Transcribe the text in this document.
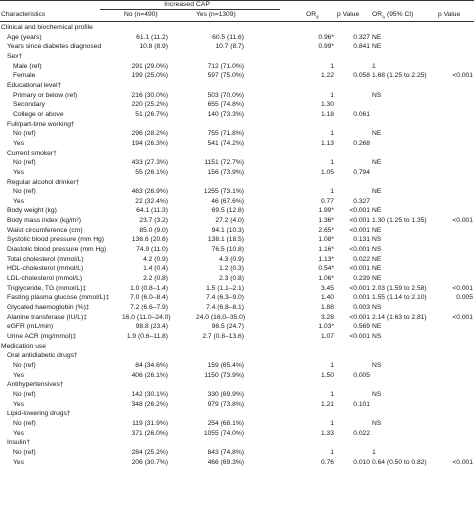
Increased CAP
Characteristics	No (n=490)	Yes (n=1309)	$OR_d$	p Value	$OR_A$ (95% CI)	p Value
Clinical and biochemical profile
Age (years)	61.1 (11.2)	60.5 (11.6)	0.96*	0.327 NE
Years since diabetes diagnosed	10.8 (8.9)	10.7 (8.7)	0.99*	0.841 NE
Sex†
Male (ref)	291 (29.0%)	712 (71.0%)	1	1
Female	199 (25.0%)	597 (75.0%)	1.22	0.058 1.68 (1.25 to 2.25)	<0.001
Educational level†
Primary or below (ref)	216 (30.0%)	503 (70.0%)	1	NS
Secondary	220 (25.2%)	655 (74.8%)	1.30
College or above	51 (26.7%)	140 (73.3%)	1.18	0.061
Full/part-time working†
No (ref)	296 (28.2%)	755 (71.8%)	1	NE
Yes	194 (26.3%)	541 (74.2%)	1.13	0.268
Current smoker†
No (ref)	433 (27.3%)	1151 (72.7%)	1	NE
Yes	55 (26.1%)	156 (73.9%)	1.05	0.794
Regular alcohol drinker†
No (ref)	463 (26.9%)	1255 (73.1%)	1	NE
Yes	22 (32.4%)	46 (67.6%)	0.77	0.327
Body weight (kg)	64.1 (11.3)	69.5 (12.8)	1.99*	<0.001 NE
Body mass index (kg/m²)	23.7 (3.2)	27.2 (4.0)	1.36*	<0.001 1.30 (1.25 to 1.35)	<0.001
Waist circumference (cm)	85.0 (9.0)	94.1 (10.3)	2.65*	<0.001 NE
Systolic blood pressure (mm Hg)	136.6 (20.6)	138.1 (18.5)	1.08*	0.131 NS
Diastolic blood pressure (mm Hg)	74.9 (11.0)	76.5 (10.8)	1.16*	<0.001 NS
Total cholesterol (mmol/L)	4.2 (0.9)	4.3 (0.9)	1.13*	0.022 NE
HDL-cholesterol (mmol/L)	1.4 (0.4)	1.2 (0.3)	0.54*	<0.001 NE
LDL-cholesterol (mmol/L)	2.2 (0.8)	2.3 (0.8)	1.06*	0.239 NE
Triglyceride, TG (mmol/L)‡	1.0 (0.8–1.4)	1.5 (1.1–2.1)	3.45	<0.001 2.03 (1.59 to 2.58)	<0.001
Fasting plasma glucose (mmol/L)‡	7.0 (6.0–8.4)	7.4 (6.3–9.0)	1.40	0.001 1.55 (1.14 to 2.10)	0.005
Glycated haemoglobin (%)‡	7.2 (6.6–7.9)	7.4 (6.8–8.1)	1.88	0.003 NS
Alanine transferase (IU/L)‡	16.0 (11.0–24.0)	24.0 (16.0–35.0)	3.28	<0.001 2.14 (1.63 to 2.81)	<0.001
eGFR (mL/min)	98.8 (23.4)	98.5 (24.7)	1.03*	0.569 NE
Urine ACR (mg/mmol)‡	1.9 (0.6–11.8)	2.7 (0.8–13.6)	1.07	<0.001 NS
Medication use
Oral antidiabetic drugs†
No (ref)	84 (34.6%)	159 (65.4%)	1	NS
Yes	406 (26.1%)	1150 (73.9%)	1.50	0.005
Antihypertensives†
No (ref)	142 (30.1%)	330 (69.9%)	1	NS
Yes	348 (26.2%)	979 (73.8%)	1.21	0.101
Lipid-lowering drugs†
No (ref)	119 (31.9%)	254 (68.1%)	1	NS
Yes	371 (26.0%)	1055 (74.0%)	1.33	0.022
Insulin†
No (ref)	284 (25.2%)	843 (74.8%)	1	1
Yes	206 (30.7%)	466 (69.3%)	0.76	0.010 0.64 (0.50 to 0.82)	<0.001
